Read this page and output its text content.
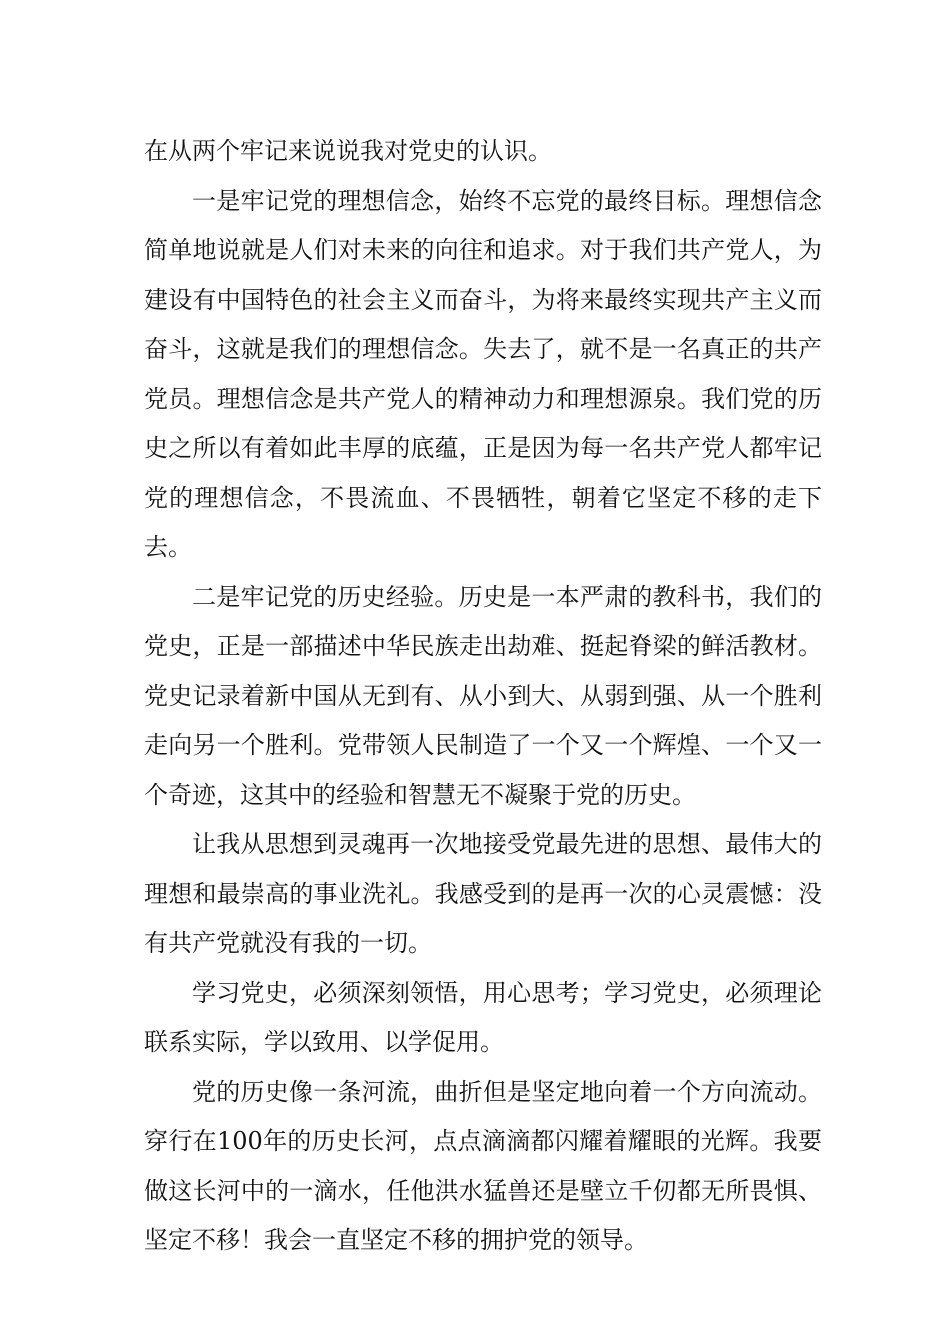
在从两个牢记来说说我对党史的认识。

一是牢记党的理想信念，始终不忘党的最终目标。理想信念简单地说就是人们对未来的向往和追求。对于我们共产党人，为建设有中国特色的社会主义而奋斗，为将来最终实现共产主义而奋斗，这就是我们的理想信念。失去了，就不是一名真正的共产党员。理想信念是共产党人的精神动力和理想源泉。我们党的历史之所以有着如此丰厚的底蕴，正是因为每一名共产党人都牢记党的理想信念，不畏流血、不畏牺牲，朝着它坚定不移的走下去。

二是牢记党的历史经验。历史是一本严肃的教科书，我们的党史，正是一部描述中华民族走出劫难、挺起脊梁的鲜活教材。党史记录着新中国从无到有、从小到大、从弱到强、从一个胜利走向另一个胜利。党带领人民制造了一个又一个辉煌、一个又一个奇迹，这其中的经验和智慧无不凝聚于党的历史。

让我从思想到灵魂再一次地接受党最先进的思想、最伟大的理想和最崇高的事业洗礼。我感受到的是再一次的心灵震憾：没有共产党就没有我的一切。

学习党史，必须深刻领悟，用心思考；学习党史，必须理论联系实际，学以致用、以学促用。

党的历史像一条河流，曲折但是坚定地向着一个方向流动。穿行在100年的历史长河，点点滴滴都闪耀着耀眼的光辉。我要做这长河中的一滴水，任他洪水猛兽还是壁立千仞都无所畏惧、坚定不移！我会一直坚定不移的拥护党的领导。
